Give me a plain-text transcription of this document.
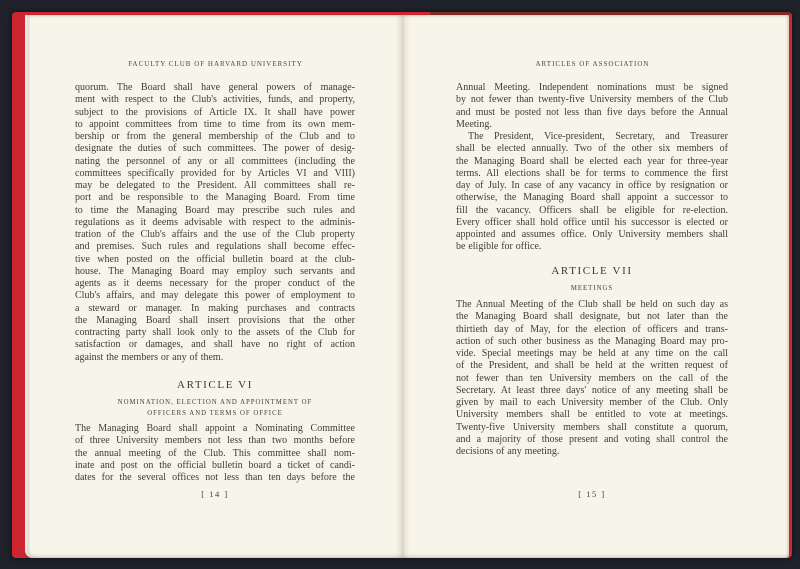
FACULTY CLUB OF HARVARD UNIVERSITY
quorum. The Board shall have general powers of manage-
ment with respect to the Club's activities, funds, and property,
subject to the provisions of Article IX. It shall have power
to appoint committees from time to time from its own mem-
bership or from the general membership of the Club and to
designate the duties of such committees. The power of desig-
nating the personnel of any or all committees (including the
committees specifically provided for by Articles VI and VIII)
may be delegated to the President. All committees shall re-
port and be responsible to the Managing Board. From time
to time the Managing Board may prescribe such rules and
regulations as it deems advisable with respect to the adminis-
tration of the Club's affairs and the use of the Club property
and premises. Such rules and regulations shall become effec-
tive when posted on the official bulletin board at the club-
house. The Managing Board may employ such servants and
agents as it deems necessary for the proper conduct of the
Club's affairs, and may delegate this power of employment to
a steward or manager. In making purchases and contracts
the Managing Board shall insert provisions that the other
contracting party shall look only to the assets of the Club for
satisfaction or damages, and shall have no right of action
against the members or any of them.
ARTICLE VI
NOMINATION, ELECTION AND APPOINTMENT OF
OFFICERS AND TERMS OF OFFICE
The Managing Board shall appoint a Nominating Committee
of three University members not less than two months before
the annual meeting of the Club. This committee shall nom-
inate and post on the official bulletin board a ticket of candi-
dates for the several offices not less than ten days before the
[ 14 ]
ARTICLES OF ASSOCIATION
Annual Meeting. Independent nominations must be signed
by not fewer than twenty-five University members of the Club
and must be posted not less than five days before the Annual
Meeting.
The President, Vice-president, Secretary, and Treasurer
shall be elected annually. Two of the other six members of
the Managing Board shall be elected each year for three-year
terms. All elections shall be for terms to commence the first
day of July. In case of any vacancy in office by resignation or
otherwise, the Managing Board shall appoint a successor to
fill the vacancy. Officers shall be eligible for re-election.
Every officer shall hold office until his successor is elected or
appointed and assumes office. Only University members shall
be eligible for office.
ARTICLE VII
MEETINGS
The Annual Meeting of the Club shall be held on such day as
the Managing Board shall designate, but not later than the
thirtieth day of May, for the election of officers and trans-
action of such other business as the Managing Board may pro-
vide. Special meetings may be held at any time on the call
of the President, and shall be held at the written request of
not fewer than ten University members on the call of the
Secretary. At least three days' notice of any meeting shall be
given by mail to each University member of the Club. Only
University members shall be entitled to vote at meetings.
Twenty-five University members shall constitute a quorum,
and a majority of those present and voting shall control the
decisions of any meeting.
[ 15 ]
